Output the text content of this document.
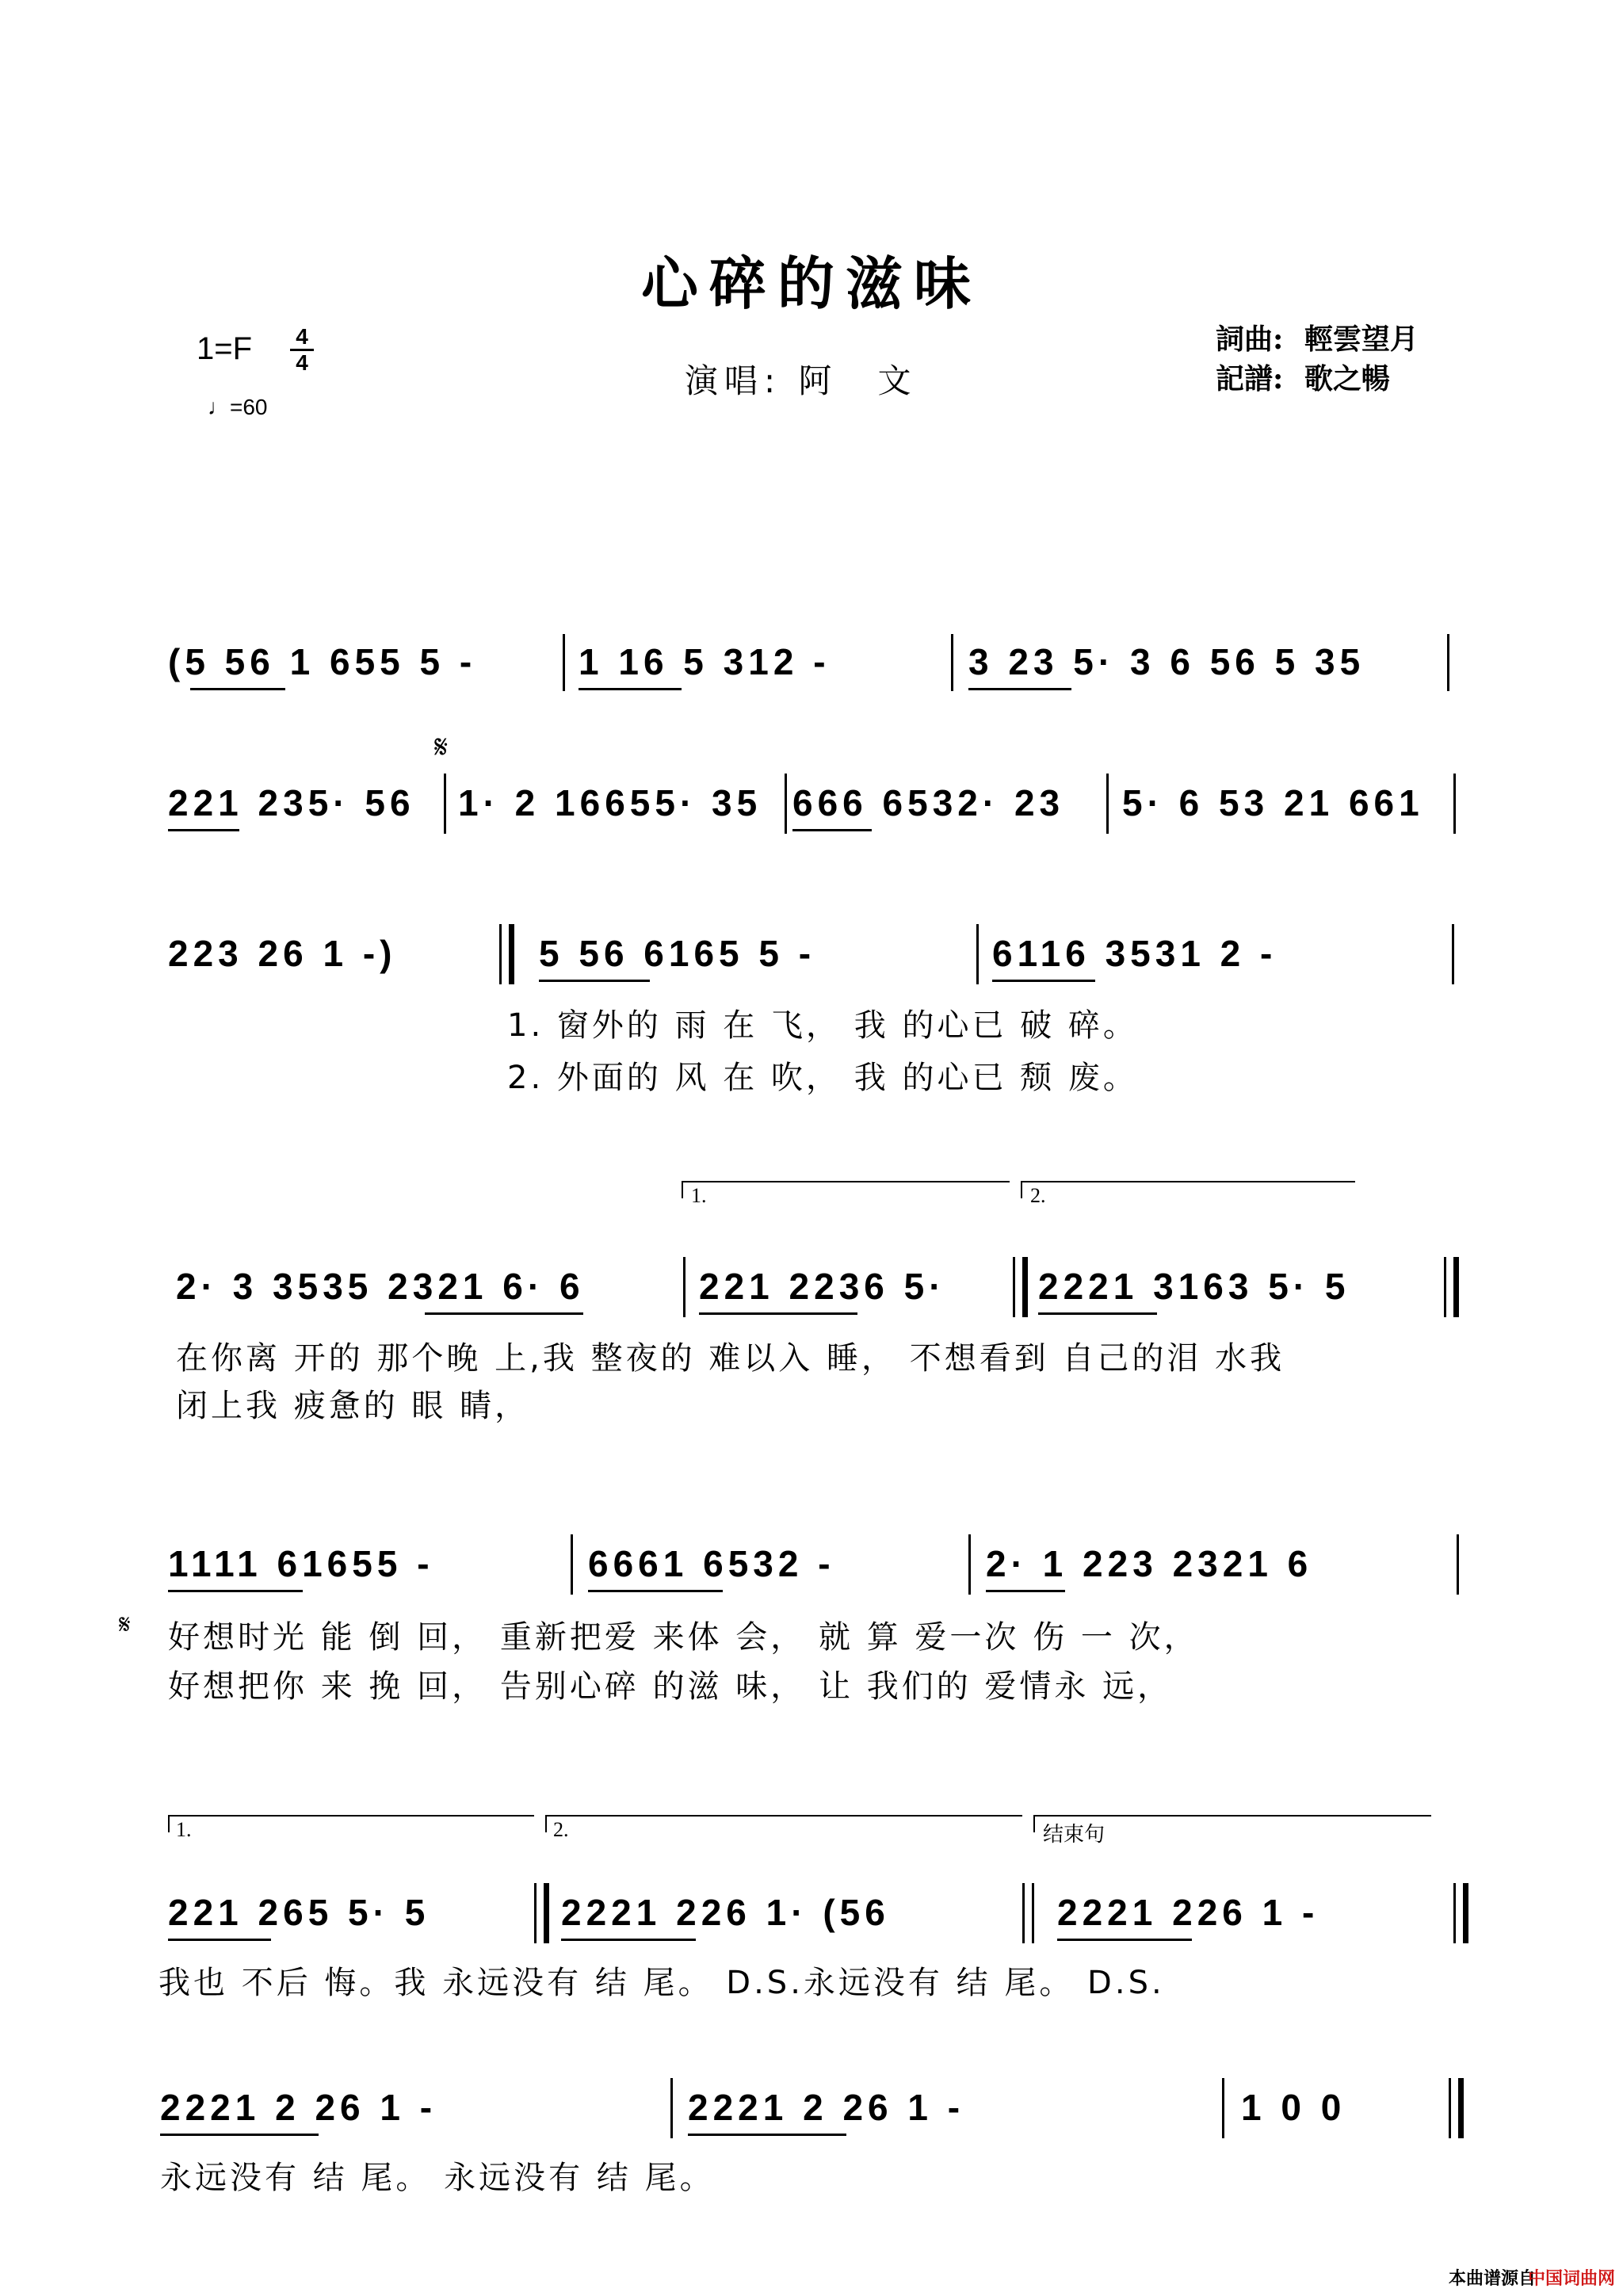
心碎的滋味
1=F 4
4
♩=60
演唱: 阿　文
詞曲: 輕雲望月
記譜: 歌之暢
(5 56 1 655 5 -	1 16 5 312 -	3 23 5· 3 6 56 5 35
𝄋
221 235· 56 1· 2 16655· 35 666 6532· 23 5· 6 53 21 661
223 26 1 -)	5 56 6165 5 -	6116 3531 2 -
1. 窗外的 雨 在 飞， 我 的心已 破 碎。
2. 外面的 风 在 吹， 我 的心已 颓 废。
1.	2.
2· 3 3535 2321 6· 6	221 2236 5·	2221 3163 5· 5
在你离 开的 那个晚 上,我 整夜的 难以入 睡， 不想看到 自己的泪 水我
闭上我 疲惫的 眼 睛，
1111 61655 -	6661 6532 -	2· 1 223 2321 6
𝄋 好想时光 能 倒 回， 重新把爱 来体 会， 就 算 爱一次 伤 一 次，
好想把你 来 挽 回， 告别心碎 的滋 味， 让 我们的 爱情永 远，
1.	2.	结束句
221 265 5· 5	2221 226 1· (56	2221 226 1 -
我也 不后 悔。我 永远没有 结 尾。 D.S.永远没有 结 尾。 D.S.
2221 2 26 1 -	2221 2 26 1 -	1 0 0
永远没有 结 尾。 永远没有 结 尾。
本曲谱源自
中国词曲网
